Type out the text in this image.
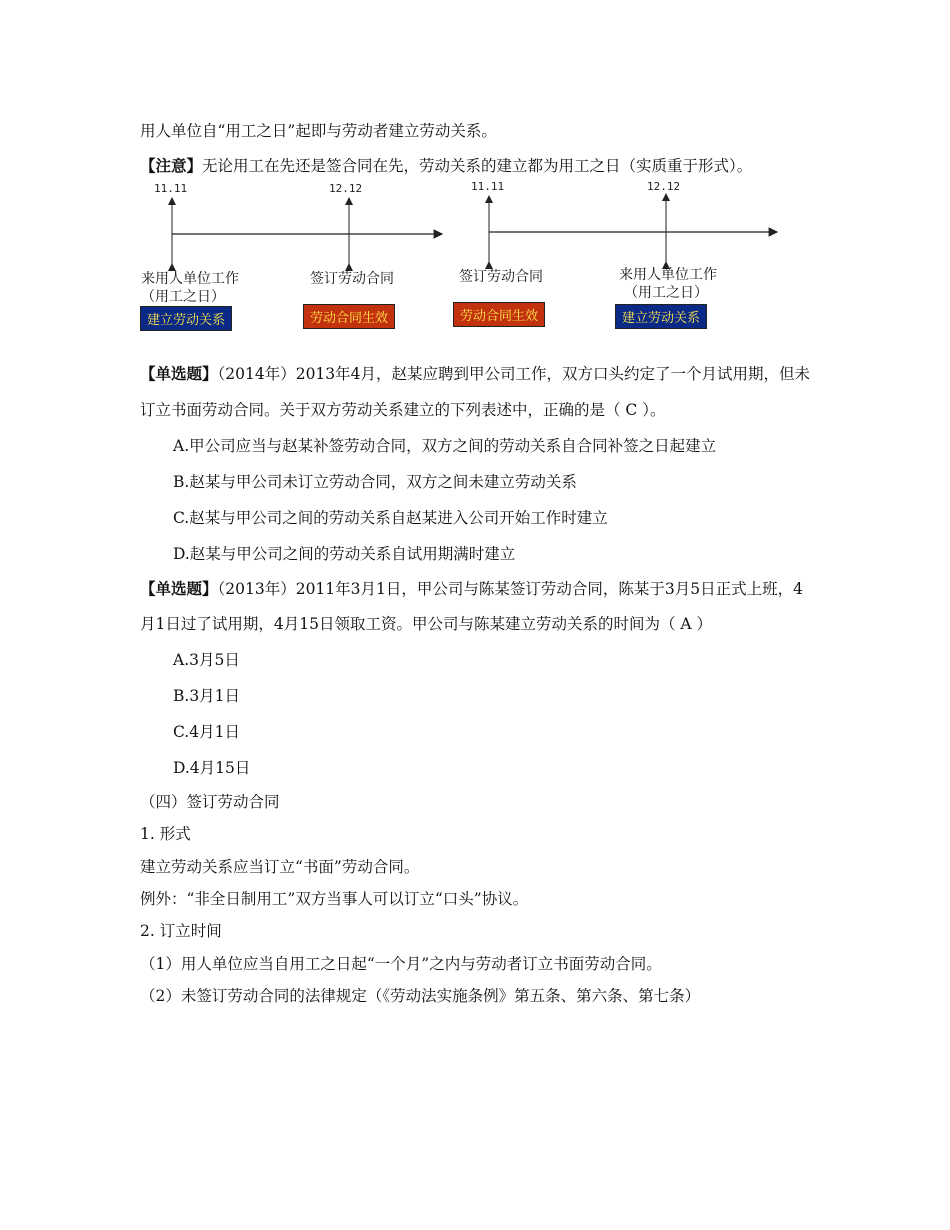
用人单位自“用工之日”起即与劳动者建立劳动关系。
【注意】无论用工在先还是签合同在先，劳动关系的建立都为用工之日（实质重于形式）。
11.11	12.12
来用人单位工作
（用工之日）
签订劳动合同
建立劳动关系	劳动合同生效
11.11	12.12
签订劳动合同	来用人单位工作
（用工之日）
劳动合同生效	建立劳动关系
【单选题】（2014年）2013年4月，赵某应聘到甲公司工作，双方口头约定了一个月试用期，但未
订立书面劳动合同。关于双方劳动关系建立的下列表述中，正确的是（ C ）。
A.甲公司应当与赵某补签劳动合同，双方之间的劳动关系自合同补签之日起建立
B.赵某与甲公司未订立劳动合同，双方之间未建立劳动关系
C.赵某与甲公司之间的劳动关系自赵某进入公司开始工作时建立
D.赵某与甲公司之间的劳动关系自试用期满时建立
【单选题】（2013年）2011年3月1日，甲公司与陈某签订劳动合同，陈某于3月5日正式上班，4
月1日过了试用期，4月15日领取工资。甲公司与陈某建立劳动关系的时间为（ A ）
A.3月5日
B.3月1日
C.4月1日
D.4月15日
（四）签订劳动合同
1. 形式
建立劳动关系应当订立“书面”劳动合同。
例外：“非全日制用工”双方当事人可以订立“口头”协议。
2. 订立时间
（1）用人单位应当自用工之日起“一个月”之内与劳动者订立书面劳动合同。
（2）未签订劳动合同的法律规定（《劳动法实施条例》第五条、第六条、第七条）
